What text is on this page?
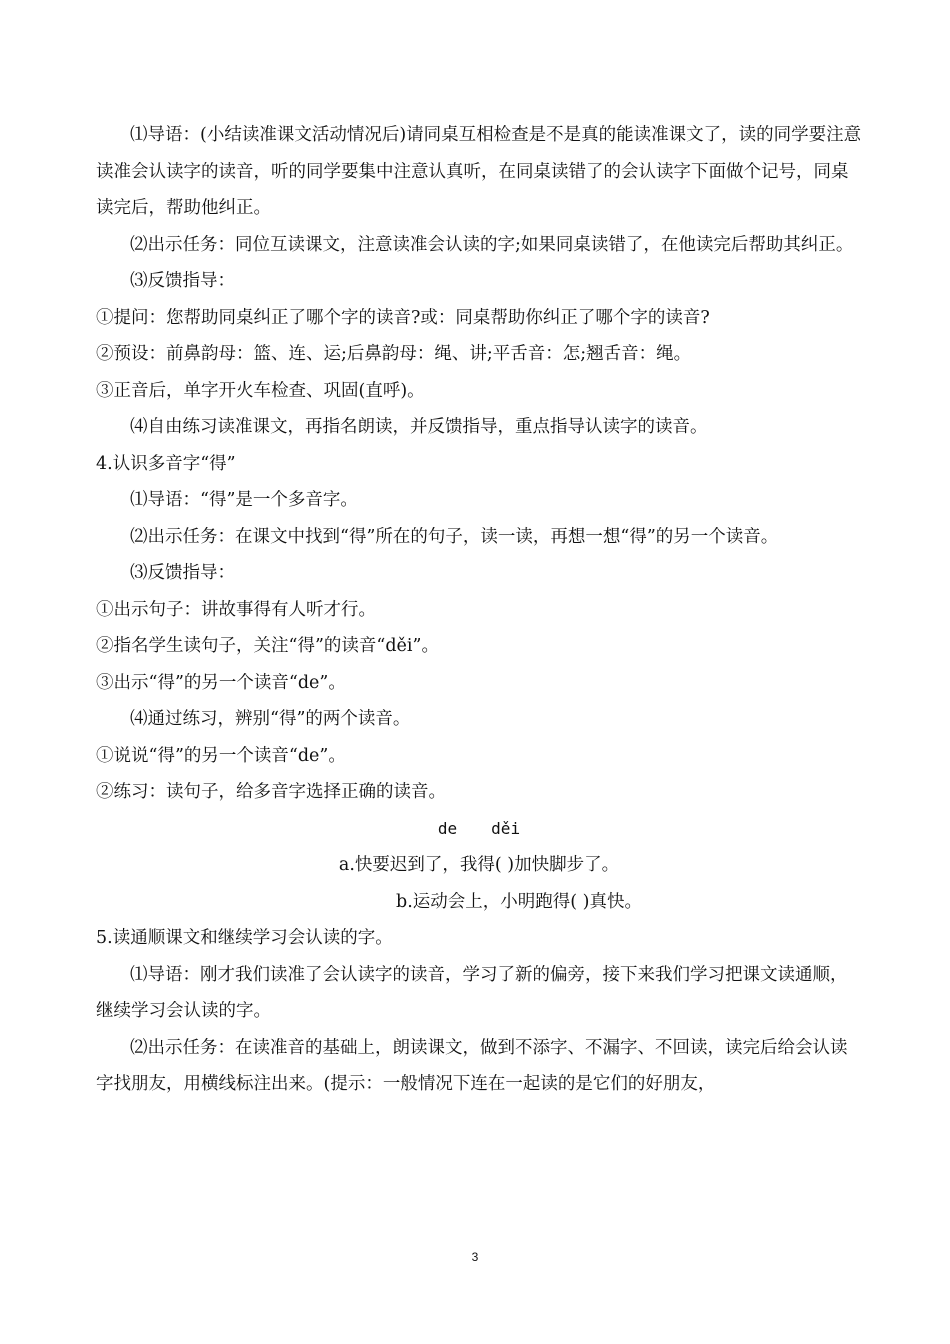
⑴导语：(小结读准课文活动情况后)请同桌互相检查是不是真的能读准课文了，读的同学要注意读准会认读字的读音，听的同学要集中注意认真听，在同桌读错了的会认读字下面做个记号，同桌读完后，帮助他纠正。

⑵出示任务：同位互读课文，注意读准会认读的字;如果同桌读错了，在他读完后帮助其纠正。

⑶反馈指导：

①提问：您帮助同桌纠正了哪个字的读音?或：同桌帮助你纠正了哪个字的读音?

②预设：前鼻韵母：篮、连、运;后鼻韵母：绳、讲;平舌音：怎;翘舌音：绳。

③正音后，单字开火车检查、巩固(直呼)。

⑷自由练习读准课文，再指名朗读，并反馈指导，重点指导认读字的读音。

4.认识多音字“得”

⑴导语：“得”是一个多音字。

⑵出示任务：在课文中找到“得”所在的句子，读一读，再想一想“得”的另一个读音。

⑶反馈指导：

①出示句子：讲故事得有人听才行。

②指名学生读句子，关注“得”的读音“děi”。

③出示“得”的另一个读音“de”。

⑷通过练习，辨别“得”的两个读音。

①说说“得”的另一个读音“de”。

②练习：读句子，给多音字选择正确的读音。

de děi

a.快要迟到了，我得( )加快脚步了。

b.运动会上，小明跑得( )真快。

5.读通顺课文和继续学习会认读的字。

⑴导语：刚才我们读准了会认读字的读音，学习了新的偏旁，接下来我们学习把课文读通顺，继续学习会认读的字。

⑵出示任务：在读准音的基础上，朗读课文，做到不添字、不漏字、不回读，读完后给会认读字找朋友，用横线标注出来。(提示：一般情况下连在一起读的是它们的好朋友，

3
